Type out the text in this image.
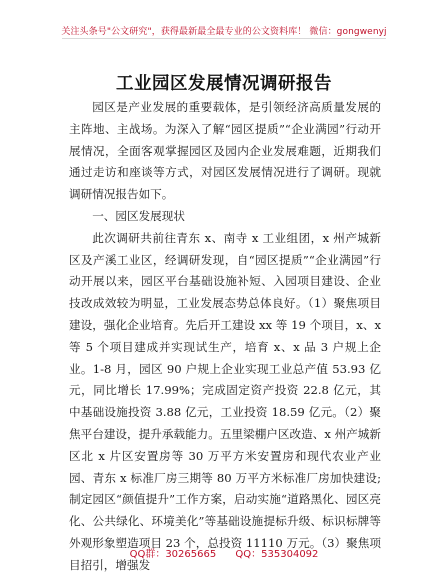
关注头条号"公文研究"，获得最新最全最专业的公文资料库！ 微信：gongwenyj
工业园区发展情况调研报告

园区是产业发展的重要载体，是引领经济高质量发展的主阵地、主战场。为深入了解“园区提质”“企业满园”行动开展情况，全面客观掌握园区及园内企业发展难题，近期我们通过走访和座谈等方式，对园区发展情况进行了调研。现就调研情况报告如下。

一、园区发展现状

此次调研共前往青东 x、南寺 x 工业组团，x 州产城新区及产溪工业区，经调研发现，自“园区提质”“企业满园”行动开展以来，园区平台基础设施补短、入园项目建设、企业技改成效较为明显，工业发展态势总体良好。（1）聚焦项目建设，强化企业培育。先后开工建设 xx 等 19 个项目，x、x 等 5 个项目建成并实现试生产，培育 x、x 品 3 户规上企业。1-8 月，园区 90 户规上企业实现工业总产值 53.93 亿元，同比增长 17.99%；完成固定资产投资 22.8 亿元，其中基础设施投资 3.88 亿元，工业投资 18.59 亿元。（2）聚焦平台建设，提升承载能力。五里梁棚户区改造、x 州产城新区北 x 片区安置房等 30 万平方米安置房和现代农业产业园、青东 x 标准厂房三期等 80 万平方米标准厂房加快建设;制定园区“颜值提升”工作方案，启动实施“道路黑化、园区亮化、公共绿化、环境美化”等基础设施提标升级、标识标牌等外观形象塑造项目 23 个，总投资 11110 万元。（3）聚焦项目招引，增强发

QQ群：30265665 QQ：535304092
